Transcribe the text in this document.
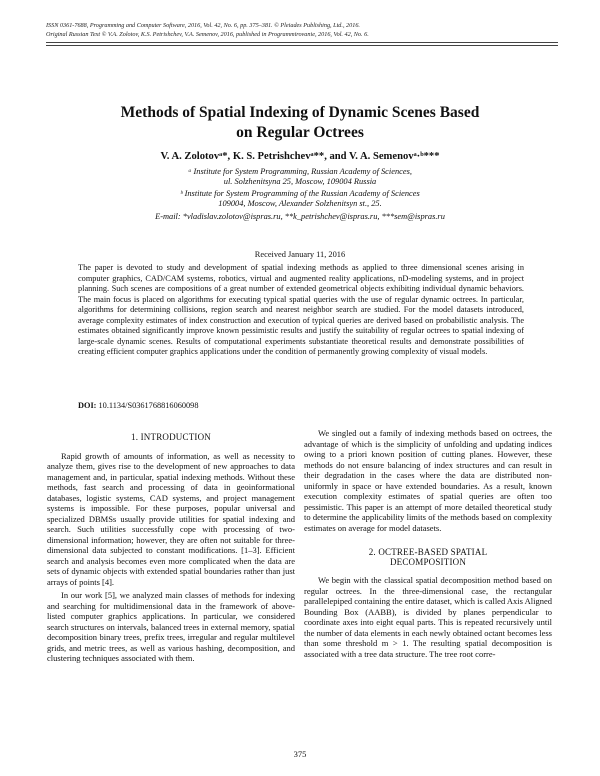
ISSN 0361-7688, Programming and Computer Software, 2016, Vol. 42, No. 6, pp. 375–381. © Pleiades Publishing, Ltd., 2016.
Original Russian Text © V.A. Zolotov, K.S. Petrishchev, V.A. Semenov, 2016, published in Programmirovanie, 2016, Vol. 42, No. 6.
Methods of Spatial Indexing of Dynamic Scenes Based
on Regular Octrees
V. A. Zolotovᵃ*, K. S. Petrishchevᵃ**, and V. A. Semenovᵃ·ᵇ***
ᵃ Institute for System Programming, Russian Academy of Sciences,
ul. Solzhenitsyna 25, Moscow, 109004 Russia
ᵇ Institute for System Programming of the Russian Academy of Sciences
109004, Moscow, Alexander Solzhenitsyn st., 25.
E-mail: *vladislav.zolotov@ispras.ru, **k_petrishchev@ispras.ru, ***sem@ispras.ru
Received January 11, 2016

The paper is devoted to study and development of spatial indexing methods as applied to three dimensional scenes arising in computer graphics, CAD/CAM systems, robotics, virtual and augmented reality applications, nD-modeling systems, and in project planning. Such scenes are compositions of a great number of extended geometrical objects exhibiting individual dynamic behaviors. The main focus is placed on algorithms for executing typical spatial queries with the use of regular dynamic octrees. In particular, algorithms for determining collisions, region search and nearest neighbor search are studied. For the model datasets introduced, average complexity estimates of index construction and execution of typical queries are derived based on probabilistic analysis. The estimates obtained significantly improve known pessimistic results and justify the suitability of regular octrees to spatial indexing of large-scale dynamic scenes. Results of computational experiments substantiate theoretical results and demonstrate possibilities of creating efficient computer graphics applications under the condition of permanently growing complexity of visual models.

DOI: 10.1134/S0361768816060098
1. INTRODUCTION

Rapid growth of amounts of information, as well as necessity to analyze them, gives rise to the development of new approaches to data management and, in particular, spatial indexing methods. Without these methods, fast search and processing of data in geoinformational databases, logistic systems, CAD systems, and project management systems is impossible. For these purposes, popular universal and specialized DBMSs usually provide utilities for spatial indexing and search. Such utilities successfully cope with processing of two-dimensional information; however, they are often not suitable for three-dimensional data subjected to constant modifications. [1–3]. Efficient search and analysis becomes even more complicated when the data are sets of dynamic objects with extended spatial boundaries rather than just arrays of points [4].

In our work [5], we analyzed main classes of methods for indexing and searching for multidimensional data in the framework of above-listed computer graphics applications. In particular, we considered search structures on intervals, balanced trees in external memory, spatial decomposition binary trees, prefix trees, irregular and regular multilevel grids, and metric trees, as well as various hashing, decomposition, and clustering techniques associated with them.

We singled out a family of indexing methods based on octrees, the advantage of which is the simplicity of unfolding and updating indices owing to a priori known position of cutting planes. However, these methods do not ensure balancing of index structures and can result in their degradation in the cases where the data are distributed non-uniformly in space or have extended boundaries. As a result, known execution complexity estimates of spatial queries are often too pessimistic. This paper is an attempt of more detailed theoretical study to determine the applicability limits of the methods based on complexity estimates on average for model datasets.

2. OCTREE-BASED SPATIAL
DECOMPOSITION

We begin with the classical spatial decomposition method based on regular octrees. In the three-dimensional case, the rectangular parallelepiped containing the entire dataset, which is called Axis Aligned Bounding Box (AABB), is divided by planes perpendicular to coordinate axes into eight equal parts. This is repeated recursively until the number of data elements in each newly obtained octant becomes less than some threshold m > 1. The resulting spatial decomposition is associated with a tree data structure. The tree root corre-

375
